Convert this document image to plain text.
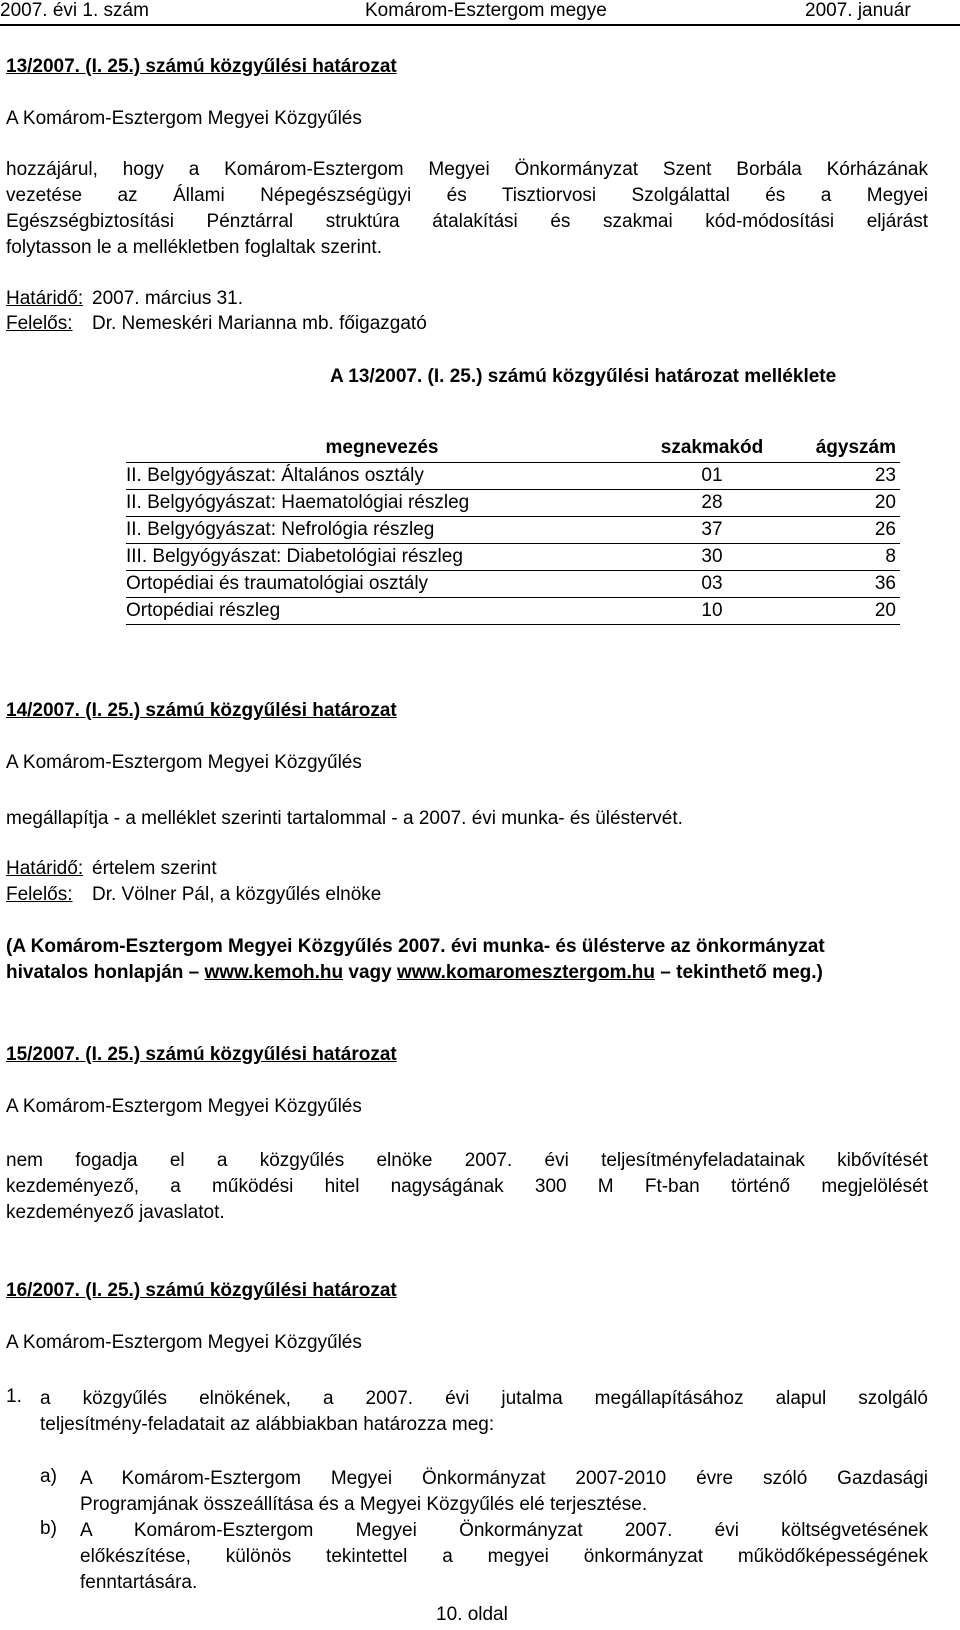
2007. évi 1. szám	Komárom-Esztergom megye	2007. január
13/2007. (I. 25.) számú közgyűlési határozat
A Komárom-Esztergom Megyei Közgyűlés
hozzájárul, hogy a Komárom-Esztergom Megyei Önkormányzat Szent Borbála Kórházának
vezetése az Állami Népegészségügyi és Tisztiorvosi Szolgálattal és a Megyei
Egészségbiztosítási Pénztárral struktúra átalakítási és szakmai kód-módosítási eljárást
folytasson le a mellékletben foglaltak szerint.
Határidő: 2007. március 31.
Felelős: Dr. Nemeskéri Marianna mb. főigazgató
A 13/2007. (I. 25.) számú közgyűlési határozat melléklete
megnevezés	szakmakód	ágyszám
II. Belgyógyászat: Általános osztály	01	23
II. Belgyógyászat: Haematológiai részleg	28	20
II. Belgyógyászat: Nefrológia részleg	37	26
III. Belgyógyászat: Diabetológiai részleg	30	8
Ortopédiai és traumatológiai osztály	03	36
Ortopédiai részleg	10	20
14/2007. (I. 25.) számú közgyűlési határozat
A Komárom-Esztergom Megyei Közgyűlés
megállapítja - a melléklet szerinti tartalommal - a 2007. évi munka- és üléstervét.
Határidő: értelem szerint
Felelős: Dr. Völner Pál, a közgyűlés elnöke
(A Komárom-Esztergom Megyei Közgyűlés 2007. évi munka- és ülésterve az önkormányzat
hivatalos honlapján – www.kemoh.hu vagy www.komaromesztergom.hu – tekinthető meg.)
15/2007. (I. 25.) számú közgyűlési határozat
A Komárom-Esztergom Megyei Közgyűlés
nem fogadja el a közgyűlés elnöke 2007. évi teljesítményfeladatainak kibővítését
kezdeményező, a működési hitel nagyságának 300 M Ft-ban történő megjelölését
kezdeményező javaslatot.
16/2007. (I. 25.) számú közgyűlési határozat
A Komárom-Esztergom Megyei Közgyűlés
1. a közgyűlés elnökének, a 2007. évi jutalma megállapításához alapul szolgáló
teljesítmény-feladatait az alábbiakban határozza meg:
a) A Komárom-Esztergom Megyei Önkormányzat 2007-2010 évre szóló Gazdasági
Programjának összeállítása és a Megyei Közgyűlés elé terjesztése.
b) A Komárom-Esztergom Megyei Önkormányzat 2007. évi költségvetésének
előkészítése, különös tekintettel a megyei önkormányzat működőképességének
fenntartására.
10. oldal
